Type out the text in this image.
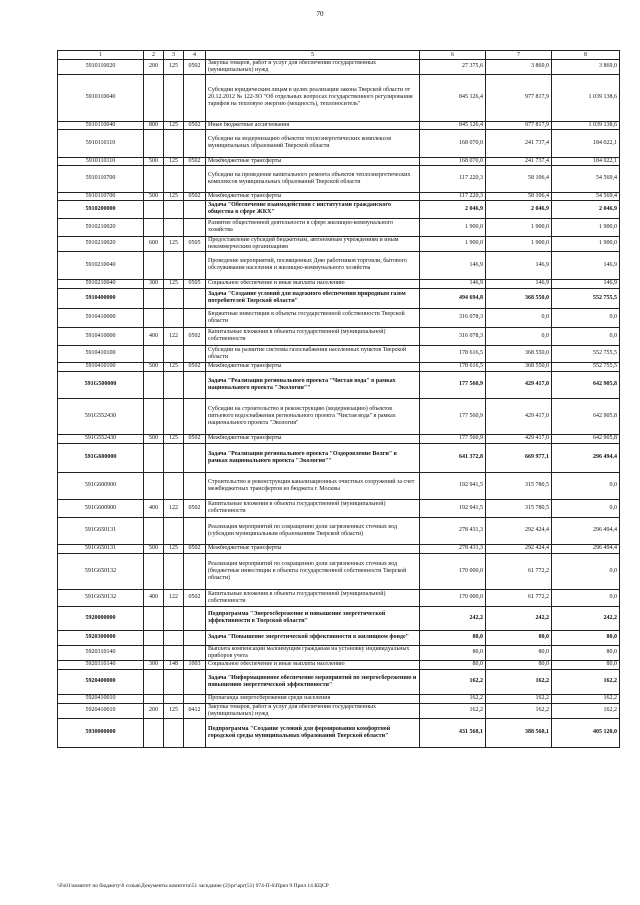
70
1	2	3	4	5	6	7	8
5910110020	200	125	0502	Закупка товаров, работ и услуг для обеспечения государственных (муниципальных) нужд	27 375,6	3 869,0	3 869,0
5910110040				Субсидии юридическим лицам в целях реализации закона Тверской области от 20.12.2012 № 122-ЗО "Об отдельных вопросах государственного регулирования тарифов на тепловую энергию (мощность), теплоноситель"	845 126,4	977 817,9	1 039 138,6
5910110040	800	125	0502	Иные бюджетные ассигнования	845 126,4	977 817,9	1 039 138,6
5910110110				Субсидии на модернизацию объектов теплоэнергетических комплексов муниципальных образований Тверской области	168 070,0	241 737,4	184 022,1
5910110110	500	125	0502	Межбюджетные трансферты	168 070,0	241 737,4	184 022,1
5910110700				Субсидии на проведение капитального ремонта объектов теплоэнергетических комплексов муниципальных образований Тверской области	117 220,3	58 106,4	54 569,4
5910110700	500	125	0502	Межбюджетные трансферты	117 220,3	58 106,4	54 569,4
5910200000				Задача "Обеспечение взаимодействия с институтами гражданского общества в сфере ЖКХ"	2 046,9	2 046,9	2 046,9
5910210020				Развитие общественной деятельности в сфере жилищно-коммунального хозяйства	1 900,0	1 900,0	1 900,0
5910210020	600	125	0505	Предоставление субсидий бюджетным, автономным учреждениям и иным некоммерческим организациям	1 900,0	1 900,0	1 900,0
5910210040				Проведение мероприятий, посвященных Дню работников торговли, бытового обслуживания населения и жилищно-коммунального хозяйства	146,9	146,9	146,9
5910210040	300	125	0505	Социальное обеспечение и иные выплаты населению	146,9	146,9	146,9
5910400000				Задача "Создание условий для надежного обеспечения природным газом потребителей Тверской области"	494 694,8	368 550,0	552 755,5
5910410000				Бюджетные инвестиции в объекты государственной собственности Тверской области	316 078,3	0,0	0,0
5910410000	400	122	0502	Капитальные вложения в объекты государственной (муниципальной) собственности	316 078,3	0,0	0,0
5910410100				Субсидии на развитие системы газоснабжения населенных пунктов Тверской области	178 616,5	368 550,0	552 755,5
5910410100	500	125	0502	Межбюджетные трансферты	178 616,5	368 550,0	552 755,5
591G500000				Задача "Реализация регионального проекта "Чистая вода" в рамках национального проекта "Экология""	177 560,9	429 417,0	642 905,8
591G552430				Субсидии на строительство и реконструкцию (модернизацию) объектов питьевого водоснабжения регионального проекта "Чистая вода" в рамках национального проекта "Экология"	177 560,9	429 417,0	642 905,8
591G552430	500	125	0502	Межбюджетные трансферты	177 560,9	429 417,0	642 905,8
591G600000				Задача "Реализация регионального проекта "Оздоровление Волги" в рамках национального проекта "Экология""	641 372,8	669 977,1	296 494,4
591G600900				Строительство и реконструкция канализационных очистных сооружений за счет межбюджетных трансфертов из бюджета г. Москвы	192 941,5	315 780,5	0,0
591G600900	400	122	0502	Капитальные вложения в объекты государственной (муниципальной) собственности	192 941,5	315 780,5	0,0
591G650131				Реализация мероприятий по сокращению доли загрязненных сточных вод (субсидии муниципальным образованиям Тверской области)	278 431,3	292 424,4	296 494,4
591G650131	500	125	0502	Межбюджетные трансферты	278 431,3	292 424,4	296 494,4
591G650132				Реализация мероприятий по сокращению доли загрязненных сточных вод (бюджетные инвестиции в объекты государственной собственности Тверской области)	170 000,0	61 772,2	0,0
591G650132	400	122	0502	Капитальные вложения в объекты государственной (муниципальной) собственности	170 000,0	61 772,2	0,0
5920000000				Подпрограмма "Энергосбережение и повышение энергетической эффективности в Тверской области"	242,2	242,2	242,2
5920300000				Задача "Повышение энергетической эффективности в жилищном фонде"	80,0	80,0	80,0
5920310140				Выплата компенсации малоимущим гражданам на установку индивидуальных приборов учета	80,0	80,0	80,0
5920310140	300	148	1003	Социальное обеспечение и иные выплаты населению	80,0	80,0	80,0
5920400000				Задача "Информационное обеспечение мероприятий по энергосбережению и повышению энергетической эффективности"	162,2	162,2	162,2
5920410010				Пропаганда энергосбережения среди населения	162,2	162,2	162,2
5920410010	200	125	0412	Закупка товаров, работ и услуг для обеспечения государственных (муниципальных) нужд	162,2	162,2	162,2
5930000000				Подпрограмма "Создание условий для формирования комфортной городской среды муниципальных образований Тверской области"	431 568,1	388 568,1	405 120,0
\\Fs01\комитет по бюджету\6 созыв\Документы комитета\51 заседание (2)\рг\арг(51) 974-П-6\Прил 9 Прил 14 КЦСР
